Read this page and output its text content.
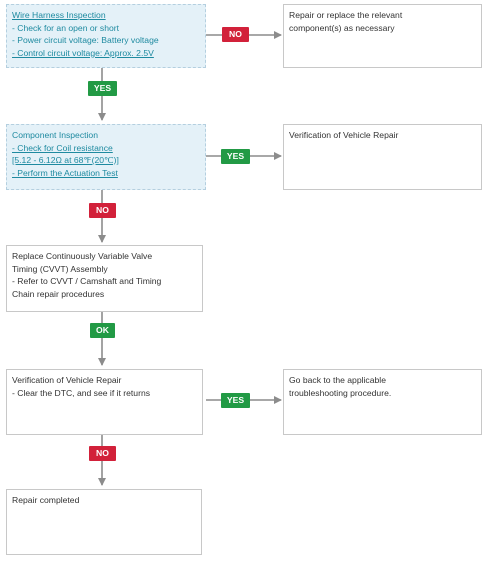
Wire Harness Inspection
- Check for an open or short
- Power circuit voltage: Battery voltage
- Control circuit voltage: Approx. 2.5V
Repair or replace the relevant
component(s) as necessary
Component Inspection
- Check for Coil resistance
[5.12 - 6.12Ω at 68℉(20℃)]
- Perform the Actuation Test
Verification of Vehicle Repair
Replace Continuously Variable Valve
Timing (CVVT) Assembly
- Refer to CVVT / Camshaft and Timing
Chain repair procedures
Verification of Vehicle Repair
- Clear the DTC, and see if it returns
Go back to the applicable
troubleshooting procedure.
Repair completed
NO
YES
YES
NO
OK
YES
NO
